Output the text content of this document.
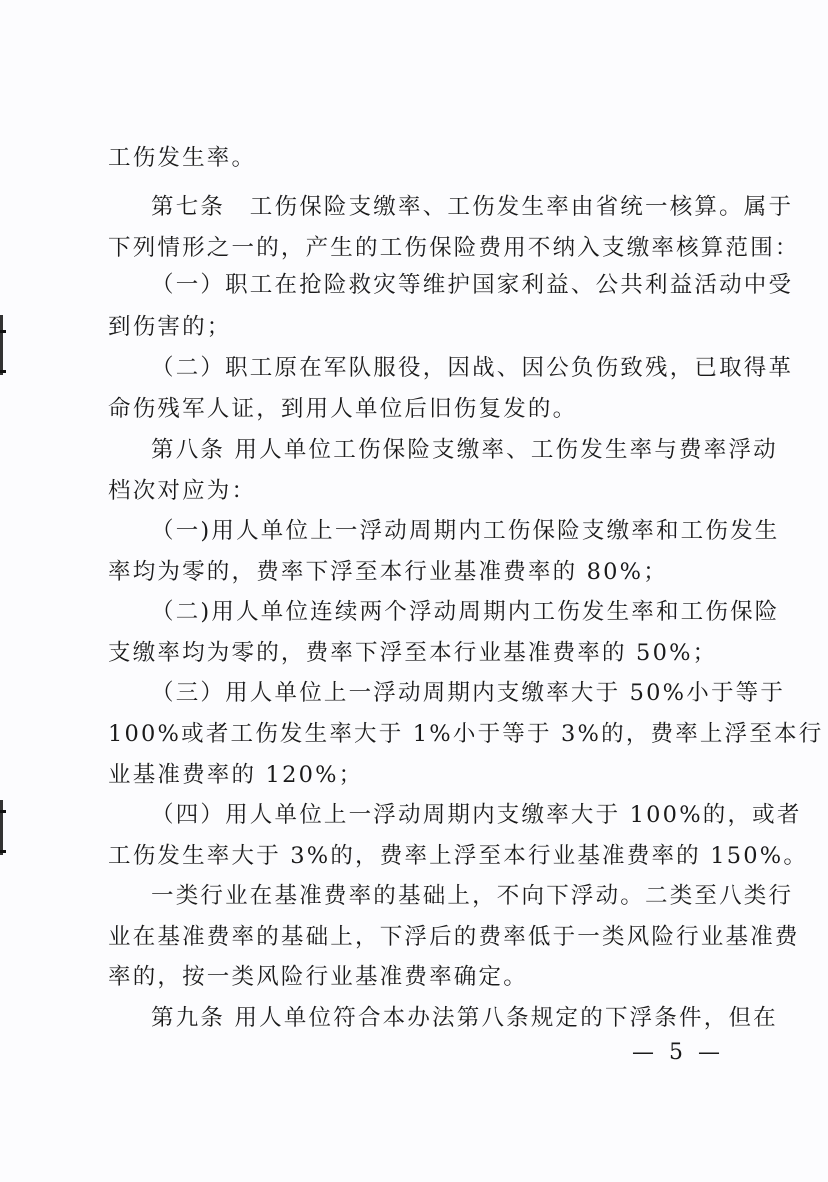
工伤发生率。
第七条　工伤保险支缴率、工伤发生率由省统一核算。属于
下列情形之一的，产生的工伤保险费用不纳入支缴率核算范围：
（一）职工在抢险救灾等维护国家利益、公共利益活动中受
到伤害的；
（二）职工原在军队服役，因战、因公负伤致残，已取得革
命伤残军人证，到用人单位后旧伤复发的。
第八条 用人单位工伤保险支缴率、工伤发生率与费率浮动
档次对应为：
（一)用人单位上一浮动周期内工伤保险支缴率和工伤发生
率均为零的，费率下浮至本行业基准费率的 80%；
（二)用人单位连续两个浮动周期内工伤发生率和工伤保险
支缴率均为零的，费率下浮至本行业基准费率的 50%；
（三）用人单位上一浮动周期内支缴率大于 50%小于等于
100%或者工伤发生率大于 1%小于等于 3%的，费率上浮至本行
业基准费率的 120%；
（四）用人单位上一浮动周期内支缴率大于 100%的，或者
工伤发生率大于 3%的，费率上浮至本行业基准费率的 150%。
一类行业在基准费率的基础上，不向下浮动。二类至八类行
业在基准费率的基础上，下浮后的费率低于一类风险行业基准费
率的，按一类风险行业基准费率确定。
第九条 用人单位符合本办法第八条规定的下浮条件，但在
— 5 —
